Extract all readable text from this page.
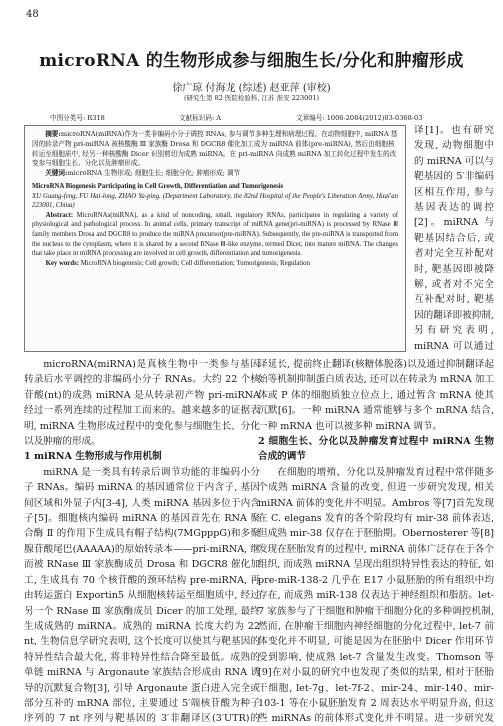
48
microRNA 的生物形成参与细胞生长/分化和肿瘤形成
徐广琼 付海龙 (综述) 赵亚萍 (审校)
(研究生第 82 医院检验科, 江苏 淮安 223001)
中图分类号: R318	文献标识码: A	文章编号: 1006-2084(2012)03-0368-03

摘要:microRNA(miRNA)作为一类非编码小分子调控 RNAs, 参与调节多种生理和病理过程。在动物细胞中, miRNA 基因的转录产物 pri-miRNA 被核酸酶 Ⅲ 家族酶 Drosa 和 DGCR8 催化加工成为 miRNA 前体(pre-miRNA), 然后由细胞核转运至细胞质中, 经另一种核酸酶 Dicer 识别剪切为成熟 miRNA。在 pri-miRNA 向成熟 miRNA 加工转化过程中发生的改变参与细胞生长、分化以及肿瘤形成。

关键词:microRNA 生物形成; 细胞生长; 细胞分化; 肿瘤形成; 调节

MicroRNA Biogenesis Participating in Cell Growth, Differentiation and Tumorigenesis

XU Guang-feng, FU Hai-long, ZHAO Ya-ping. (Department Laboratory, the 82nd Hospital of the People's Liberation Army, Huai'an 223001, China)

Abstract: MicroRNAs(miRNA), as a kind of noncoding, small, regulatory RNAs, participates in regulating a variety of physiological and pathological process. In animal cells, primary transcript of miRNA gene(pri-miRNA) is processed by RNase Ⅲ family members Drosa and DGCR8 to produce the miRNA precursor(pre-miRNA). Subsequently, the pre-miRNA is transported from the nucleus to the cytoplasm, where it is shared by a second RNase Ⅲ-like enzyme, termed Dicer, into mature miRNA. The changes that take place in miRNA processing are involved in cell growth, differentiation and tumorigenesis.

Key words: MicroRNA biogenesis; Cell growth; Cell differentiation; Tumorigenesis; Regulation

译[1]。也有研究发现, 动物细胞中的 miRNA 可以与靶基因的 5′非编码区相互作用, 参与基因表达的调控[2]。miRNA 与靶基因结合后, 或者对完全互补配对时, 靶基因即被降解, 或者对不完全互补配对时, 靶基因的翻译即被抑制, 另有研究表明, miRNA 可以通过

microRNA(miRNA)是真核生物中一类参与基因转录后水平调控的非编码小分子 RNAs。大约 22 个核苷酸(nt)的成熟 miRNA 是从转录初产物 pri-miRNA 经过一系列连续的过程加工而来的。越来越多的证据表明, miRNA 生物形成过程中的变化参与细胞生长、分化以及肿瘤的形成。

1 miRNA 生物形成与作用机制

miRNA 是一类具有转录后调节功能的非编码小分子 RNAs。编码 miRNA 的基因通常位于内含子, 基因间区域和外显子内[3-4], 人类 miRNA 基因多位于内含子[5]。细胞核内编码 miRNA 的基因首先在 RNA 聚合酶 Ⅱ 的作用下生成具有帽子结构(7MGpppG)和多聚腺苷酸尾巴(AAAAA)的原始转录本——pri-miRNA, 继而被 RNase Ⅲ 家族酶成员 Drosa 和 DGCR8 催化加工, 生成具有 70 个核苷酸的颈环结构 pre-miRNA, 再由转运蛋白 Exportin5 从细胞核转运至细胞质中, 经过另一个 RNase Ⅲ 家族酶成员 Dicer 的加工处理, 最终生成成熟的 miRNA。成熟的 miRNA 长度大约为 22 nt, 生物信息学研究表明, 这个长度可以使其与靶基因的特异性结合最大化, 将非特异性结合降至最低。成熟的单链 miRNA 与 Argonaute 家族结合形成由 RNA 诱导的沉默复合物[3], 引导 Argonaute 蛋白进入完全或部分互补的 mRNA 部位, 主要通过 5′端核苷酸为种子序列的 7 nt 序列与靶基因的 3′非翻译区(3′UTR)的

译延长, 提前终止翻译(核糖体脱落)以及通过抑制翻译起始等机制抑制蛋白质表达, 还可以在转录为 mRNA 加工体或 P 体的细胞质独立位点上, 通过暂含 mRNA 使其沉默[6]。一种 miRNA 通常能够与多个 mRNA 结合, 一种 mRNA 也可以被多种 miRNA 调节。

2 细胞生长、分化以及肿瘤发育过程中 miRNA 生物合成的调节

在细胞的增殖、分化以及肿瘤发育过程中常伴随多个成熟 miRNA 含量的改变, 但进一步研究发现, 相关 miRNA 前体的变化并不明显。Ambros 等[7]首先发现在 C. elegans 发育的各个阶段均有 mir-38 前体表达, 但成熟 mir-38 仅存在于胚胎期。Obernosterer 等[8]发现在胚胎发育的过程中, miRNA 前体广泛存在于各个组织, 而成熟 miRNA 呈现出组织特异性表达的特征, 如 pre-miR-138-2 几乎在 E17 小鼠胚胎的所有组织中均存在, 而成熟 miR-138 仅表达于神经组织和脂肪。let-7 家族参与了干细胞和肿瘤干细胞分化的多种调控机制, 然而, 在肿瘤干细胞内神经细胞的分化过程中, let-7 前体变化并不明显, 可能是因为在胚胎中 Dicer 作用环节受到影响, 使成熟 let-7 含量发生改变。Thomson 等[9]在对小鼠的研究中也发现了类似的结果, 相对于胚胎干细胞, let-7g、let-7f-2、mir-24、mir-140、mir-103-1 等在小鼠胚胎发育 2 周表达水平明显升高, 但这些 miRNAs 的前体形式变化并不明显。进一步研究发
